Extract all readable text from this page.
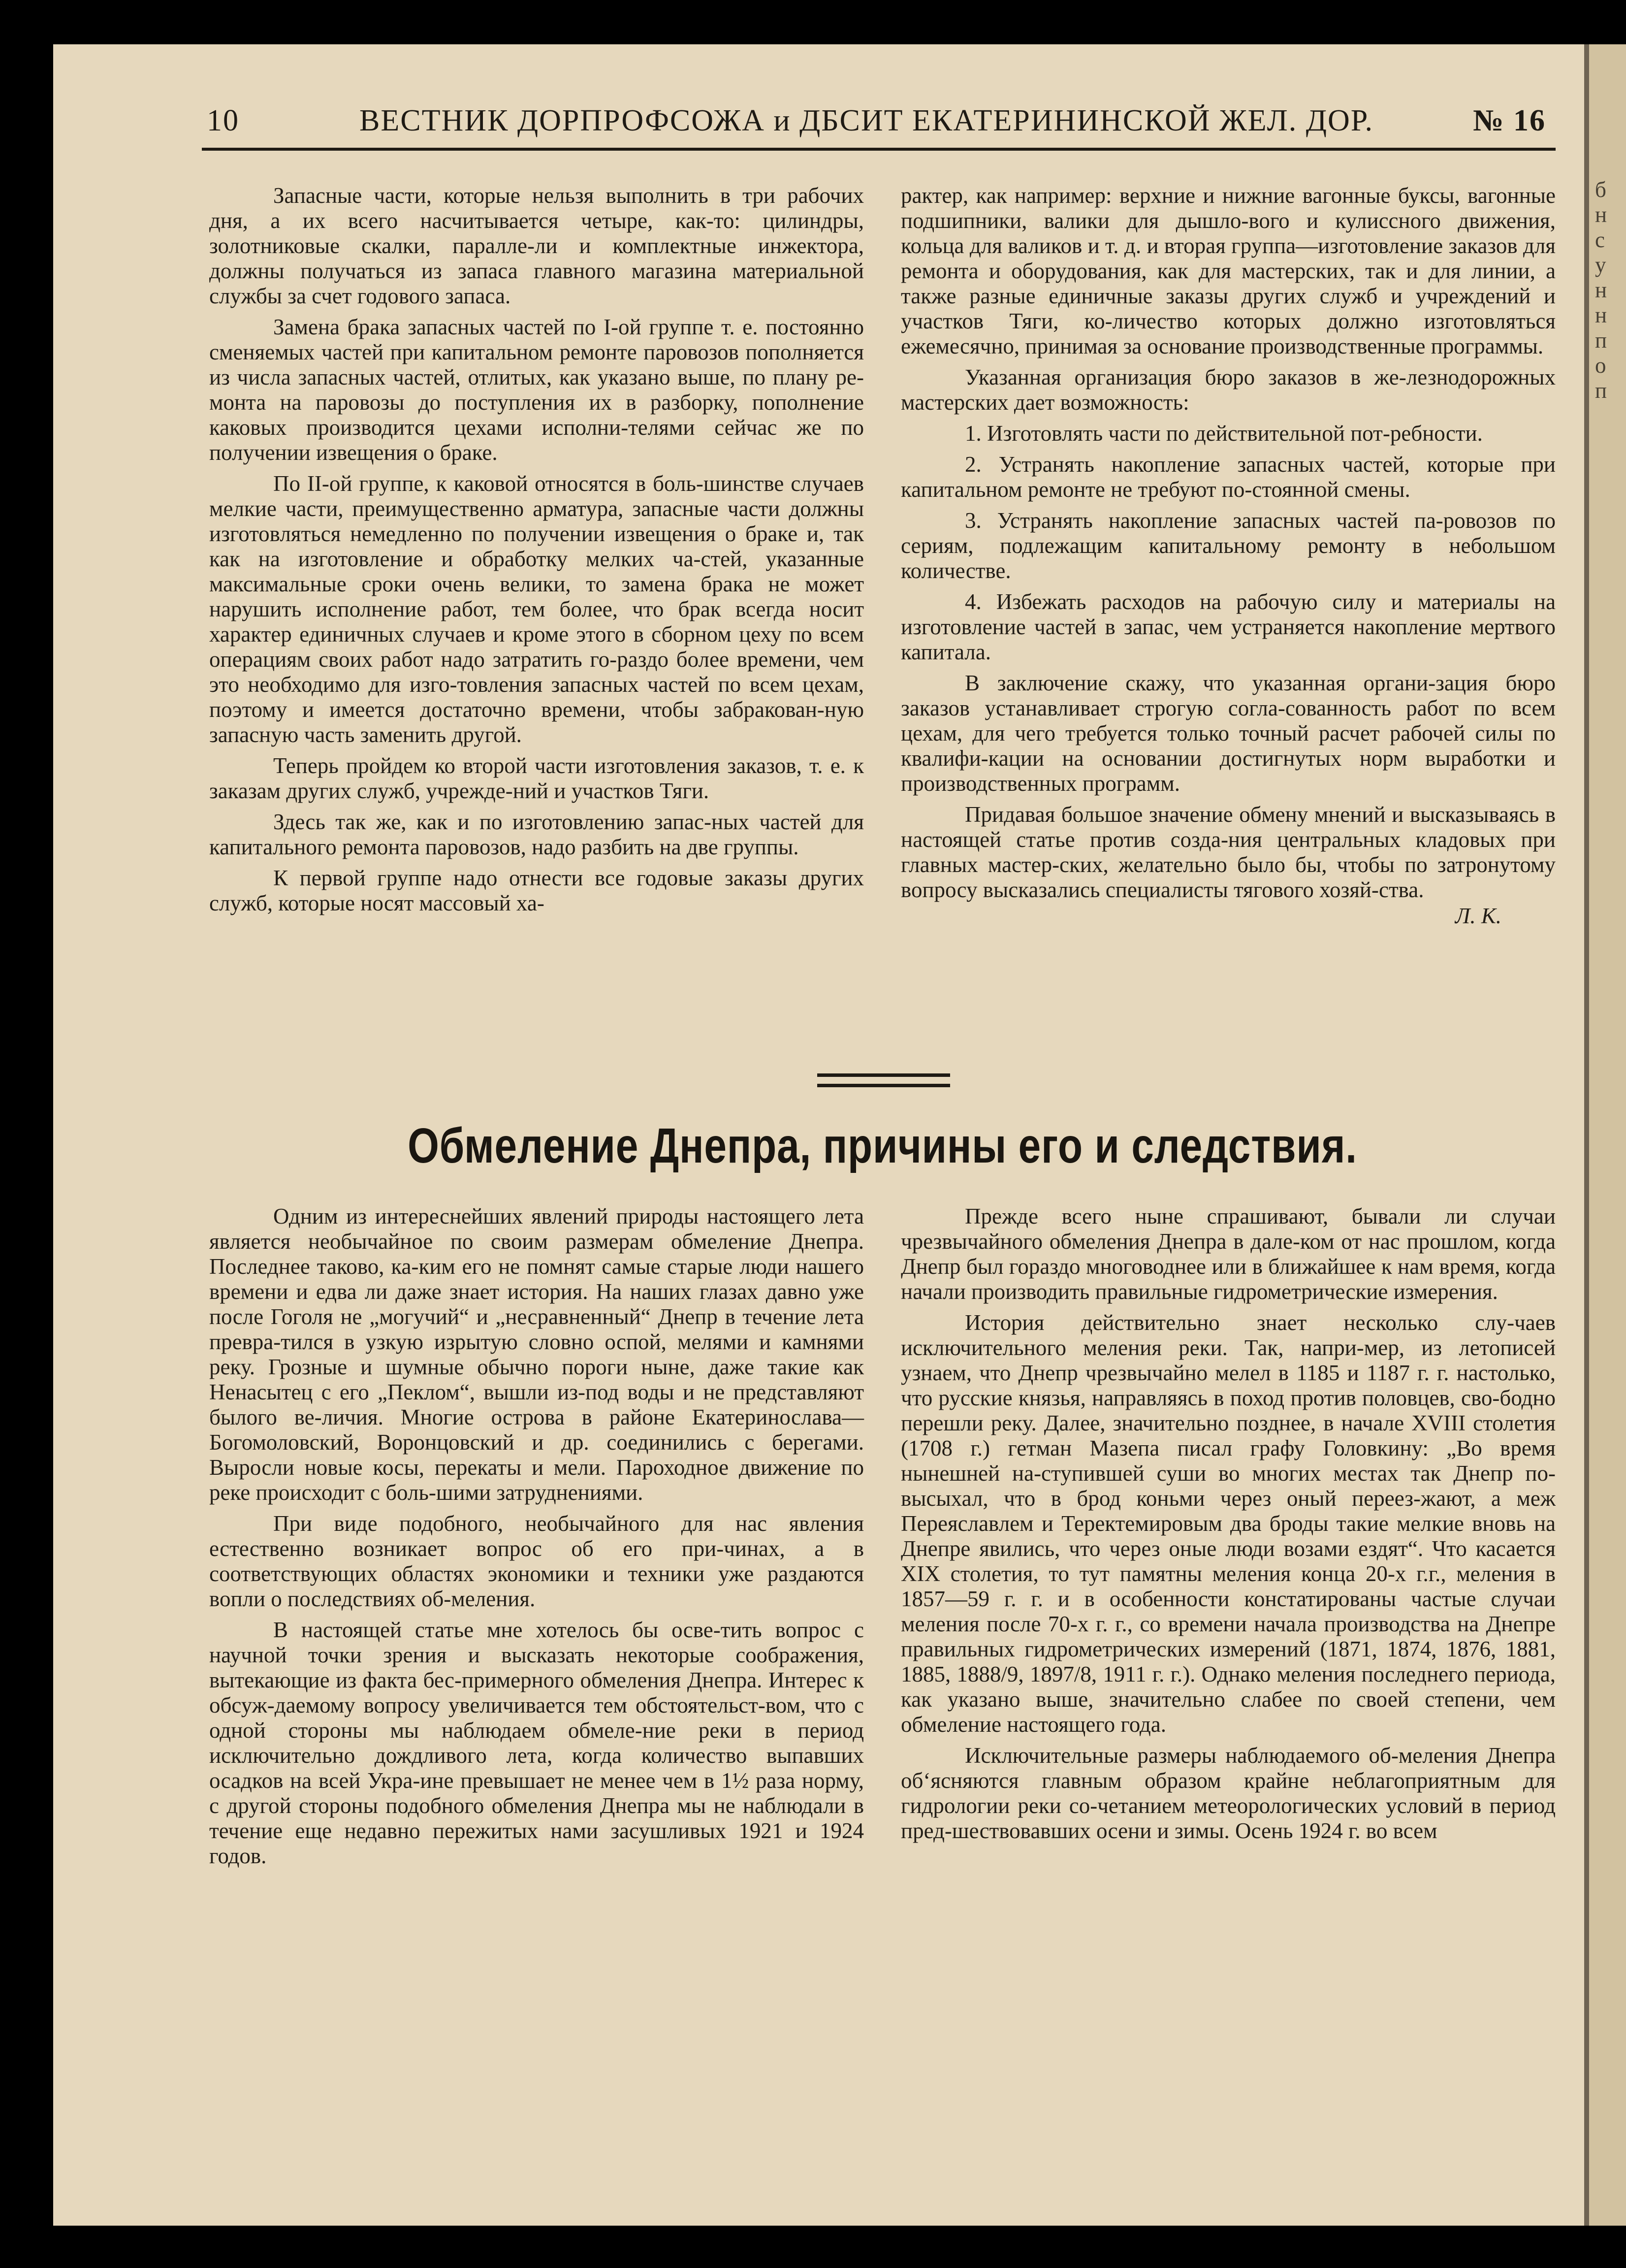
10	ВЕСТНИК ДОРПРОФСОЖА и ДБСИТ ЕКАТЕРИНИНСКОЙ ЖЕЛ. ДОР.	№ 16

Запасные части, которые нельзя выполнить в три рабочих дня, а их всего насчитывается четыре, как-то: цилиндры, золотниковые скалки, паралле-ли и комплектные инжектора, должны получаться из запаса главного магазина материальной службы за счет годового запаса.

Замена брака запасных частей по I-ой группе т. е. постоянно сменяемых частей при капитальном ремонте паровозов пополняется из числа запасных частей, отлитых, как указано выше, по плану ре-монта на паровозы до поступления их в разборку, пополнение каковых производится цехами исполни-телями сейчас же по получении извещения о браке.

По II-ой группе, к каковой относятся в боль-шинстве случаев мелкие части, преимущественно арматура, запасные части должны изготовляться немедленно по получении извещения о браке и, так как на изготовление и обработку мелких ча-стей, указанные максимальные сроки очень велики, то замена брака не может нарушить исполнение работ, тем более, что брак всегда носит характер единичных случаев и кроме этого в сборном цеху по всем операциям своих работ надо затратить го-раздо более времени, чем это необходимо для изго-товления запасных частей по всем цехам, поэтому и имеется достаточно времени, чтобы забракован-ную запасную часть заменить другой.

Теперь пройдем ко второй части изготовления заказов, т. е. к заказам других служб, учрежде-ний и участков Тяги.

Здесь так же, как и по изготовлению запас-ных частей для капитального ремонта паровозов, надо разбить на две группы.

К первой группе надо отнести все годовые заказы других служб, которые носят массовый ха-

рактер, как например: верхние и нижние вагонные буксы, вагонные подшипники, валики для дышло-вого и кулисcного движения, кольца для валиков и т. д. и вторая группа—изготовление заказов для ремонта и оборудования, как для мастерских, так и для линии, а также разные единичные заказы других служб и учреждений и участков Тяги, ко-личество которых должно изготовляться ежемесячно, принимая за основание производственные программы.

Указанная организация бюро заказов в же-лезнодорожных мастерских дает возможность:

1. Изготовлять части по действительной пот-ребности.

2. Устранять накопление запасных частей, которые при капитальном ремонте не требуют по-стоянной смены.

3. Устранять накопление запасных частей па-ровозов по сериям, подлежащим капитальному ремонту в небольшом количестве.

4. Избежать расходов на рабочую силу и материалы на изготовление частей в запас, чем устраняется накопление мертвого капитала.

В заключение скажу, что указанная органи-зация бюро заказов устанавливает строгую согла-сованность работ по всем цехам, для чего требуется только точный расчет рабочей силы по квалифи-кации на основании достигнутых норм выработки и производственных программ.

Придавая большое значение обмену мнений и высказываясь в настоящей статье против созда-ния центральных кладовых при главных мастер-ских, желательно было бы, чтобы по затронутому вопросу высказались специалисты тягового хозяй-ства.

Л. К.
Обмеление Днепра, причины его и следствия.

Одним из интереснейших явлений природы настоящего лета является необычайное по своим размерам обмеление Днепра. Последнее таково, ка-ким его не помнят самые старые люди нашего времени и едва ли даже знает история. На наших глазах давно уже после Гоголя не „могучий“ и „несравненный“ Днепр в течение лета превра-тился в узкую изрытую словно оспой, мелями и камнями реку. Грозные и шумные обычно пороги ныне, даже такие как Ненасытец с его „Пеклом“, вышли из-под воды и не представляют былого ве-личия. Многие острова в районе Екатеринослава—Богомоловский, Воронцовский и др. соединились с берегами. Выросли новые косы, перекаты и мели. Пароходное движение по реке происходит с боль-шими затруднениями.

При виде подобного, необычайного для нас явления естественно возникает вопрос об его при-чинах, а в соответствующих областях экономики и техники уже раздаются вопли о последствиях об-меления.

В настоящей статье мне хотелось бы осве-тить вопрос с научной точки зрения и высказать некоторые соображения, вытекающие из факта бес-примерного обмеления Днепра. Интерес к обсуж-даемому вопросу увеличивается тем обстоятельст-вом, что с одной стороны мы наблюдаем обмеле-ние реки в период исключительно дождливого лета, когда количество выпавших осадков на всей Укра-ине превышает не менее чем в 1½ раза норму, с другой стороны подобного обмеления Днепра мы не наблюдали в течение еще недавно пережитых нами засушливых 1921 и 1924 годов.

Прежде всего ныне спрашивают, бывали ли случаи чрезвычайного обмеления Днепра в дале-ком от нас прошлом, когда Днепр был гораздо многоводнее или в ближайшее к нам время, когда начали производить правильные гидрометрические измерения.

История действительно знает несколько слу-чаев исключительного меления реки. Так, напри-мер, из летописей узнаем, что Днепр чрезвычайно мелел в 1185 и 1187 г. г. настолько, что русские князья, направляясь в поход против половцев, сво-бодно перешли реку. Далее, значительно позднее, в начале XVIII столетия (1708 г.) гетман Мазепа писал графу Головкину: „Во время нынешней на-ступившей суши во многих местах так Днепр по-высыхал, что в брод коньми через оный переез-жают, а меж Переяславлем и Теректемировым два броды такие мелкие вновь на Днепре явились, что через оные люди возами ездят“. Что касается XIX столетия, то тут памятны меления конца 20-х г.г., меления в 1857—59 г. г. и в особенности констатированы частые случаи меления после 70-х г. г., со времени начала производства на Днепре правильных гидрометрических измерений (1871, 1874, 1876, 1881, 1885, 1888/9, 1897/8, 1911 г. г.). Однако меления последнего периода, как указано выше, значительно слабее по своей степени, чем обмеление настоящего года.

Исключительные размеры наблюдаемого об-меления Днепра об‘ясняются главным образом крайне неблагоприятным для гидрологии реки со-четанием метеорологических условий в период пред-шествовавших осени и зимы. Осень 1924 г. во всем

б
н
с
у
н
н
п
о
п
